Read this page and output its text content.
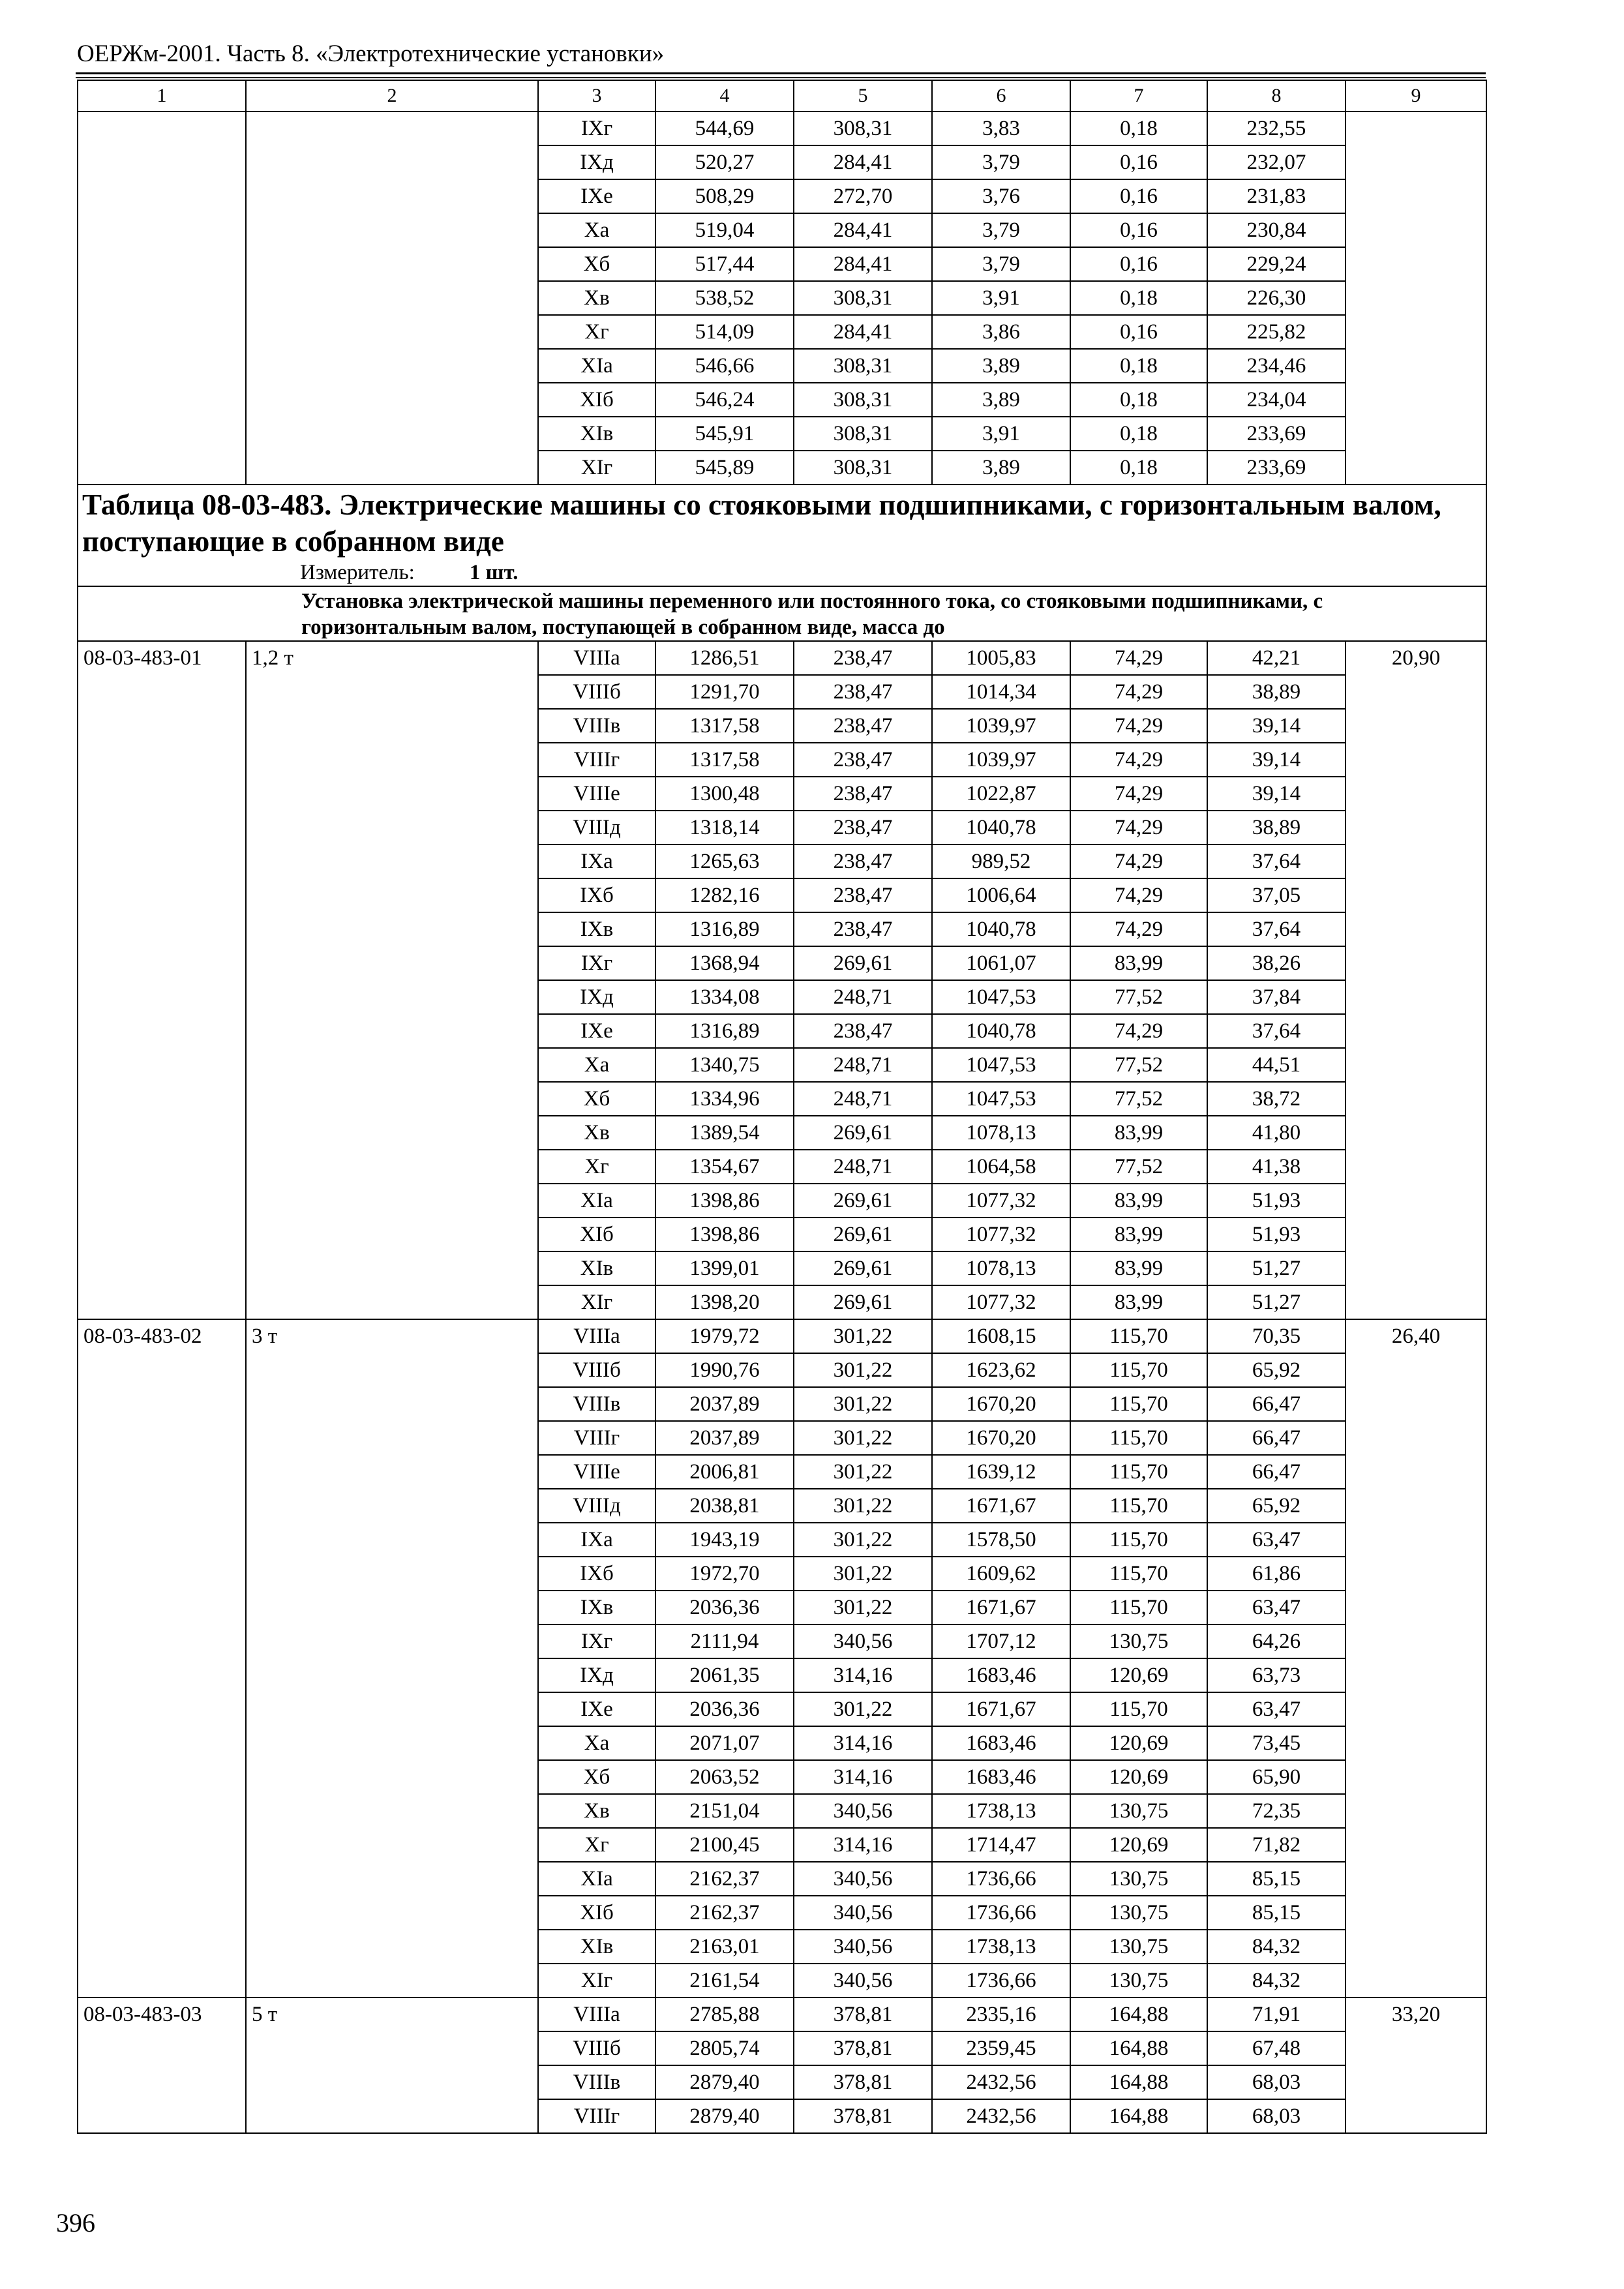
ОЕРЖм-2001. Часть 8. «Электротехнические установки»
1	2	3	4	5	6	7	8	9
		IXг	544,69	308,31	3,83	0,18	232,55	
		IXд	520,27	284,41	3,79	0,16	232,07	
		IXе	508,29	272,70	3,76	0,16	231,83	
		Xа	519,04	284,41	3,79	0,16	230,84	
		Xб	517,44	284,41	3,79	0,16	229,24	
		Xв	538,52	308,31	3,91	0,18	226,30	
		Xг	514,09	284,41	3,86	0,16	225,82	
		XIа	546,66	308,31	3,89	0,18	234,46	
		XIб	546,24	308,31	3,89	0,18	234,04	
		XIв	545,91	308,31	3,91	0,18	233,69	
		XIг	545,89	308,31	3,89	0,18	233,69	
Таблица 08-03-483. Электрические машины со стояковыми подшипниками, с горизонтальным валом, поступающие в собранном виде
Измеритель: 1 шт.								

Установка электрической машины переменного или постоянного тока, со стояковыми подшипниками, с горизонтальным валом, поступающей в собранном виде, масса до								
08-03-483-01	1,2 т	VIIIа	1286,51	238,47	1005,83	74,29	42,21	20,90
		VIIIб	1291,70	238,47	1014,34	74,29	38,89	
		VIIIв	1317,58	238,47	1039,97	74,29	39,14	
		VIIIг	1317,58	238,47	1039,97	74,29	39,14	
		VIIIе	1300,48	238,47	1022,87	74,29	39,14	
		VIIIд	1318,14	238,47	1040,78	74,29	38,89	
		IXа	1265,63	238,47	989,52	74,29	37,64	
		IXб	1282,16	238,47	1006,64	74,29	37,05	
		IXв	1316,89	238,47	1040,78	74,29	37,64	
		IXг	1368,94	269,61	1061,07	83,99	38,26	
		IXд	1334,08	248,71	1047,53	77,52	37,84	
		IXе	1316,89	238,47	1040,78	74,29	37,64	
		Xа	1340,75	248,71	1047,53	77,52	44,51	
		Xб	1334,96	248,71	1047,53	77,52	38,72	
		Xв	1389,54	269,61	1078,13	83,99	41,80	
		Xг	1354,67	248,71	1064,58	77,52	41,38	
		XIа	1398,86	269,61	1077,32	83,99	51,93	
		XIб	1398,86	269,61	1077,32	83,99	51,93	
		XIв	1399,01	269,61	1078,13	83,99	51,27	
		XIг	1398,20	269,61	1077,32	83,99	51,27	
08-03-483-02	3 т	VIIIа	1979,72	301,22	1608,15	115,70	70,35	26,40
		VIIIб	1990,76	301,22	1623,62	115,70	65,92	
		VIIIв	2037,89	301,22	1670,20	115,70	66,47	
		VIIIг	2037,89	301,22	1670,20	115,70	66,47	
		VIIIе	2006,81	301,22	1639,12	115,70	66,47	
		VIIIд	2038,81	301,22	1671,67	115,70	65,92	
		IXа	1943,19	301,22	1578,50	115,70	63,47	
		IXб	1972,70	301,22	1609,62	115,70	61,86	
		IXв	2036,36	301,22	1671,67	115,70	63,47	
		IXг	2111,94	340,56	1707,12	130,75	64,26	
		IXд	2061,35	314,16	1683,46	120,69	63,73	
		IXе	2036,36	301,22	1671,67	115,70	63,47	
		Xа	2071,07	314,16	1683,46	120,69	73,45	
		Xб	2063,52	314,16	1683,46	120,69	65,90	
		Xв	2151,04	340,56	1738,13	130,75	72,35	
		Xг	2100,45	314,16	1714,47	120,69	71,82	
		XIа	2162,37	340,56	1736,66	130,75	85,15	
		XIб	2162,37	340,56	1736,66	130,75	85,15	
		XIв	2163,01	340,56	1738,13	130,75	84,32	
		XIг	2161,54	340,56	1736,66	130,75	84,32	
08-03-483-03	5 т	VIIIа	2785,88	378,81	2335,16	164,88	71,91	33,20
		VIIIб	2805,74	378,81	2359,45	164,88	67,48	
		VIIIв	2879,40	378,81	2432,56	164,88	68,03	
		VIIIг	2879,40	378,81	2432,56	164,88	68,03	
396
